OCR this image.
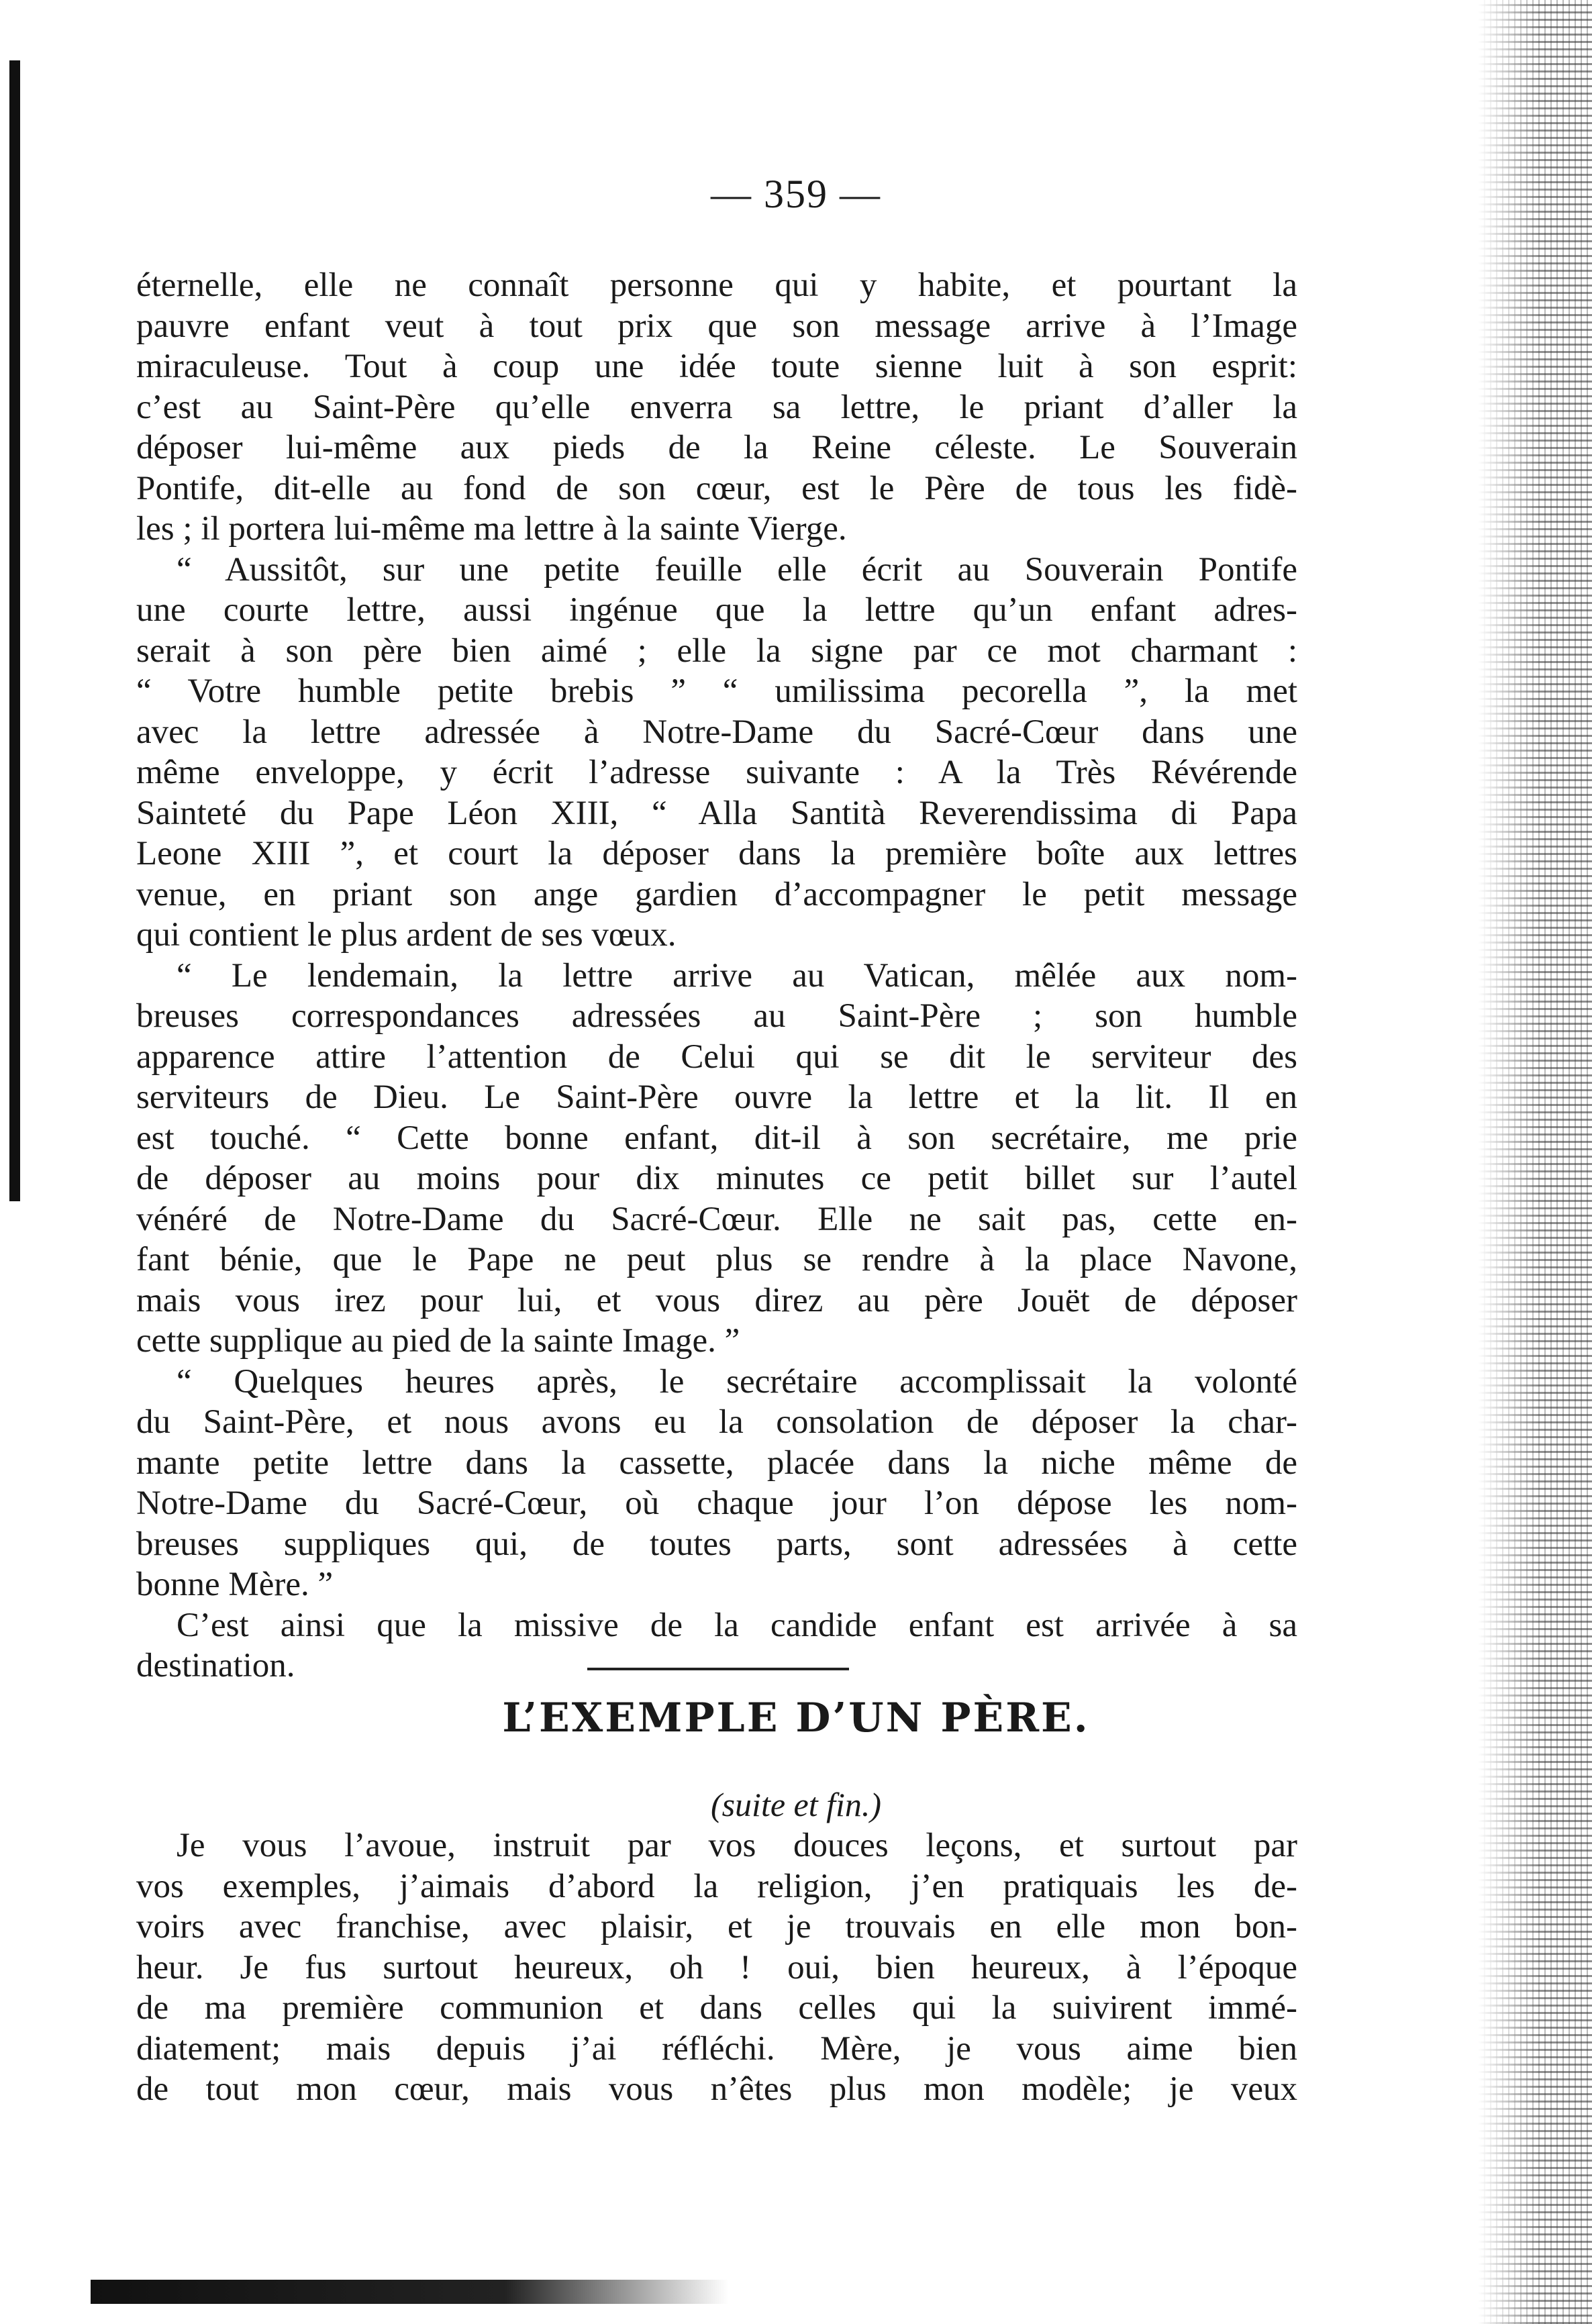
— 359 —
éternelle, elle ne connaît personne qui y habite, et pourtant la
pauvre enfant veut à tout prix que son message arrive à l’Image
miraculeuse. Tout à coup une idée toute sienne luit à son esprit:
c’est au Saint-Père qu’elle enverra sa lettre, le priant d’aller la
déposer lui-même aux pieds de la Reine céleste. Le Souverain
Pontife, dit-elle au fond de son cœur, est le Père de tous les fidè-
les ; il portera lui-même ma lettre à la sainte Vierge.
“ Aussitôt, sur une petite feuille elle écrit au Souverain Pontife
une courte lettre, aussi ingénue que la lettre qu’un enfant adres-
serait à son père bien aimé ; elle la signe par ce mot charmant :
“ Votre humble petite brebis ” “ umilissima pecorella ”, la met
avec la lettre adressée à Notre-Dame du Sacré-Cœur dans une
même enveloppe, y écrit l’adresse suivante : A la Très Révérende
Sainteté du Pape Léon XIII, “ Alla Santità Reverendissima di Papa
Leone XIII ”, et court la déposer dans la première boîte aux lettres
venue, en priant son ange gardien d’accompagner le petit message
qui contient le plus ardent de ses vœux.
“ Le lendemain, la lettre arrive au Vatican, mêlée aux nom-
breuses correspondances adressées au Saint-Père ; son humble
apparence attire l’attention de Celui qui se dit le serviteur des
serviteurs de Dieu. Le Saint-Père ouvre la lettre et la lit. Il en
est touché. “ Cette bonne enfant, dit-il à son secrétaire, me prie
de déposer au moins pour dix minutes ce petit billet sur l’autel
vénéré de Notre-Dame du Sacré-Cœur. Elle ne sait pas, cette en-
fant bénie, que le Pape ne peut plus se rendre à la place Navone,
mais vous irez pour lui, et vous direz au père Jouët de déposer
cette supplique au pied de la sainte Image. ”
“ Quelques heures après, le secrétaire accomplissait la volonté
du Saint-Père, et nous avons eu la consolation de déposer la char-
mante petite lettre dans la cassette, placée dans la niche même de
Notre-Dame du Sacré-Cœur, où chaque jour l’on dépose les nom-
breuses suppliques qui, de toutes parts, sont adressées à cette
bonne Mère. ”
C’est ainsi que la missive de la candide enfant est arrivée à sa
destination.
L’EXEMPLE D’UN PÈRE.
(suite et fin.)
Je vous l’avoue, instruit par vos douces leçons, et surtout par
vos exemples, j’aimais d’abord la religion, j’en pratiquais les de-
voirs avec franchise, avec plaisir, et je trouvais en elle mon bon-
heur. Je fus surtout heureux, oh ! oui, bien heureux, à l’époque
de ma première communion et dans celles qui la suivirent immé-
diatement; mais depuis j’ai réfléchi. Mère, je vous aime bien
de tout mon cœur, mais vous n’êtes plus mon modèle; je veux
